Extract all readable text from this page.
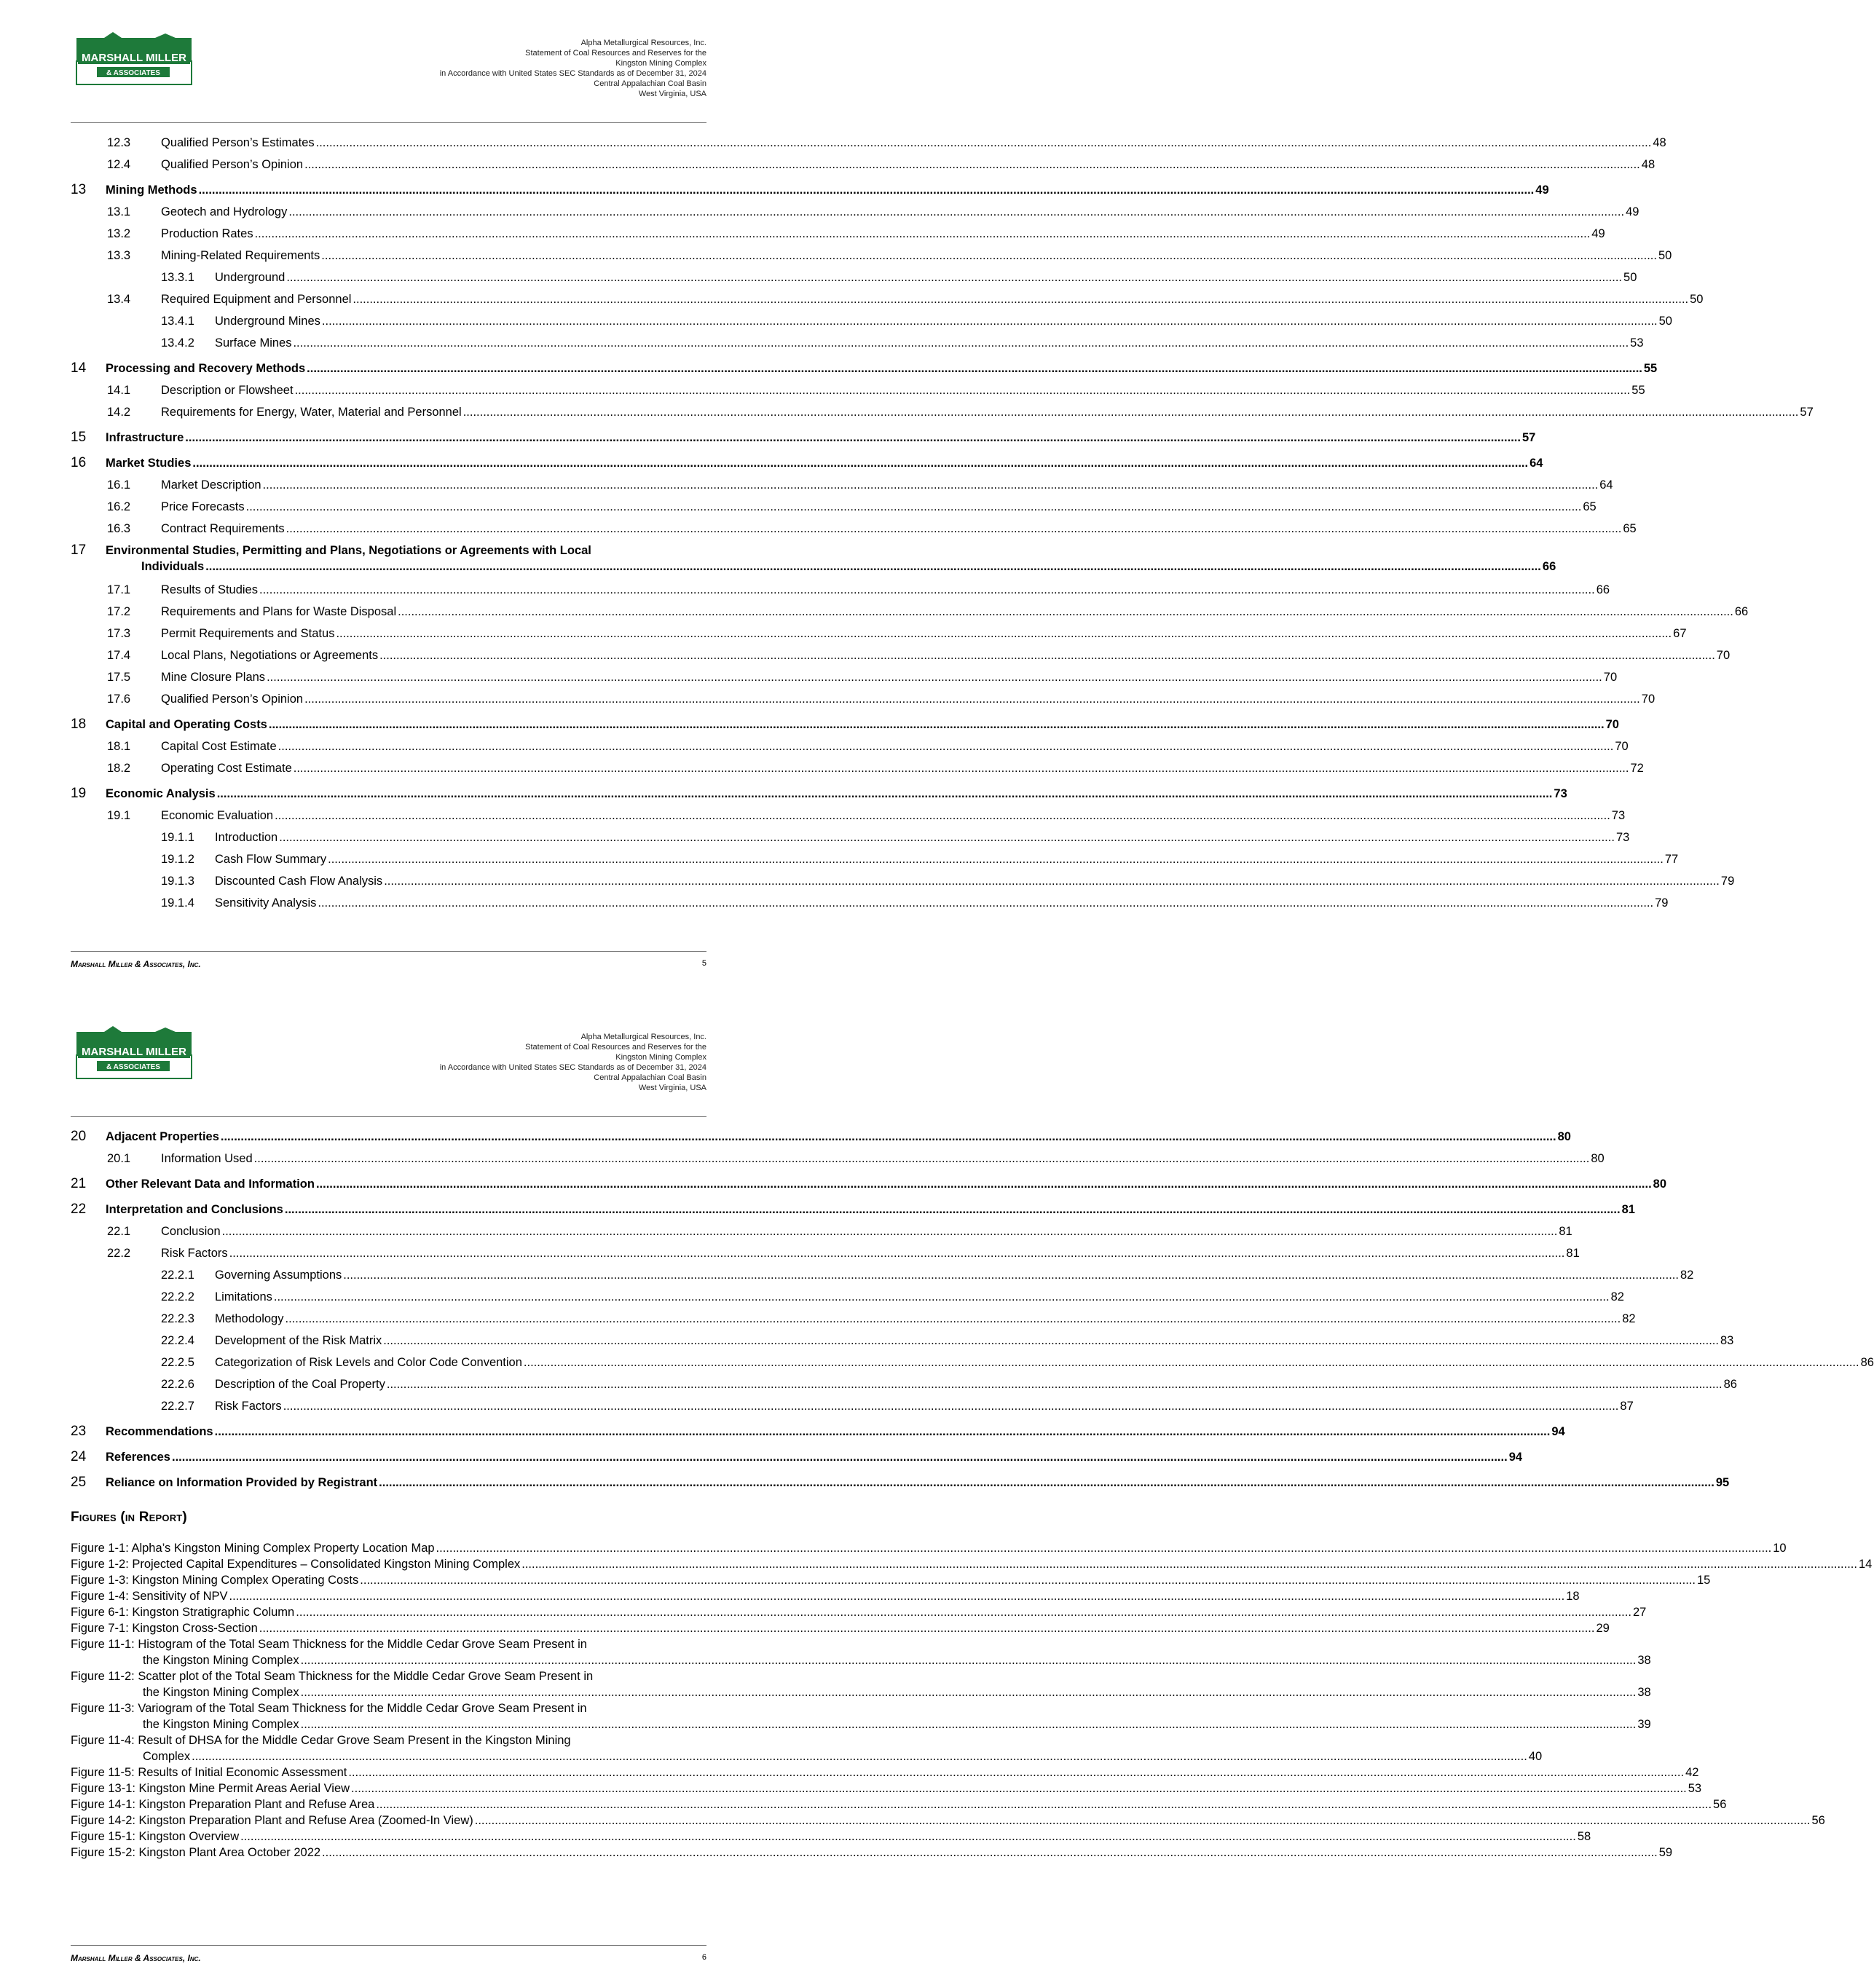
MARSHALL MILLER
& ASSOCIATES
Alpha Metallurgical Resources, Inc.
Statement of Coal Resources and Reserves for the
Kingston Mining Complex
in Accordance with United States SEC Standards as of December 31, 2024
Central Appalachian Coal Basin
West Virginia, USA
12.3	Qualified Person’s Estimates .....	48
12.4	Qualified Person’s Opinion .....	48
13	Mining Methods .....	49
13.1	Geotech and Hydrology .....	49
13.2	Production Rates .....	49
13.3	Mining-Related Requirements .....	50
13.3.1	Underground .....	50
13.4	Required Equipment and Personnel .....	50
13.4.1	Underground Mines .....	50
13.4.2	Surface Mines .....	53
14	Processing and Recovery Methods .....	55
14.1	Description or Flowsheet .....	55
14.2	Requirements for Energy, Water, Material and Personnel .....	57
15	Infrastructure .....	57
16	Market Studies .....	64
16.1	Market Description .....	64
16.2	Price Forecasts .....	65
16.3	Contract Requirements .....	65
17	Environmental Studies, Permitting and Plans, Negotiations or Agreements with Local
Individuals .....	66
17.1	Results of Studies .....	66
17.2	Requirements and Plans for Waste Disposal .....	66
17.3	Permit Requirements and Status .....	67
17.4	Local Plans, Negotiations or Agreements .....	70
17.5	Mine Closure Plans .....	70
17.6	Qualified Person’s Opinion .....	70
18	Capital and Operating Costs .....	70
18.1	Capital Cost Estimate .....	70
18.2	Operating Cost Estimate .....	72
19	Economic Analysis .....	73
19.1	Economic Evaluation .....	73
19.1.1	Introduction .....	73
19.1.2	Cash Flow Summary .....	77
19.1.3	Discounted Cash Flow Analysis .....	79
19.1.4	Sensitivity Analysis .....	79
Marshall Miller & Associates, Inc.	5
MARSHALL MILLER
& ASSOCIATES
Alpha Metallurgical Resources, Inc.
Statement of Coal Resources and Reserves for the
Kingston Mining Complex
in Accordance with United States SEC Standards as of December 31, 2024
Central Appalachian Coal Basin
West Virginia, USA
20	Adjacent Properties .....	80
20.1	Information Used .....	80
21	Other Relevant Data and Information .....	80
22	Interpretation and Conclusions .....	81
22.1	Conclusion .....	81
22.2	Risk Factors .....	81
22.2.1	Governing Assumptions .....	82
22.2.2	Limitations .....	82
22.2.3	Methodology .....	82
22.2.4	Development of the Risk Matrix .....	83
22.2.5	Categorization of Risk Levels and Color Code Convention .....	86
22.2.6	Description of the Coal Property .....	86
22.2.7	Risk Factors .....	87
23	Recommendations .....	94
24	References .....	94
25	Reliance on Information Provided by Registrant .....	95
Figures (in Report)
Figure 1-1: Alpha’s Kingston Mining Complex Property Location Map .....	10
Figure 1-2: Projected Capital Expenditures – Consolidated Kingston Mining Complex .....	14
Figure 1-3: Kingston Mining Complex Operating Costs .....	15
Figure 1-4: Sensitivity of NPV .....	18
Figure 6-1: Kingston Stratigraphic Column .....	27
Figure 7-1: Kingston Cross-Section .....	29
Figure 11-1: Histogram of the Total Seam Thickness for the Middle Cedar Grove Seam Present in
the Kingston Mining Complex .....	38
Figure 11-2: Scatter plot of the Total Seam Thickness for the Middle Cedar Grove Seam Present in
the Kingston Mining Complex .....	38
Figure 11-3: Variogram of the Total Seam Thickness for the Middle Cedar Grove Seam Present in
the Kingston Mining Complex .....	39
Figure 11-4: Result of DHSA for the Middle Cedar Grove Seam Present in the Kingston Mining
Complex .....	40
Figure 11-5: Results of Initial Economic Assessment .....	42
Figure 13-1: Kingston Mine Permit Areas Aerial View .....	53
Figure 14-1: Kingston Preparation Plant and Refuse Area .....	56
Figure 14-2: Kingston Preparation Plant and Refuse Area (Zoomed-In View) .....	56
Figure 15-1: Kingston Overview .....	58
Figure 15-2: Kingston Plant Area October 2022 .....	59
Marshall Miller & Associates, Inc.	6
